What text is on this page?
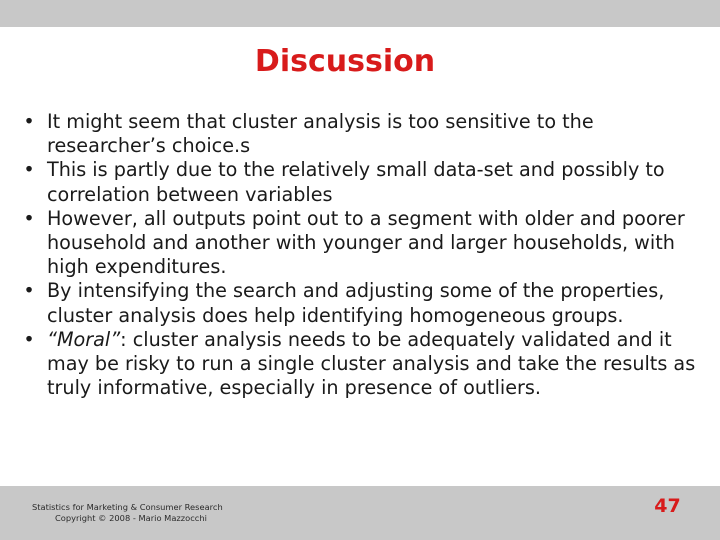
Discussion
• It might seem that cluster analysis is too sensitive to the researcher’s choice.s
• This is partly due to the relatively small data-set and possibly to correlation between variables
• However, all outputs point out to a segment with older and poorer household and another with younger and larger households, with high expenditures.
• By intensifying the search and adjusting some of the properties, cluster analysis does help identifying homogeneous groups.
• “Moral”: cluster analysis needs to be adequately validated and it may be risky to run a single cluster analysis and take the results as truly informative, especially in presence of outliers.
Statistics for Marketing & Consumer Research
Copyright © 2008 - Mario Mazzocchi
47
